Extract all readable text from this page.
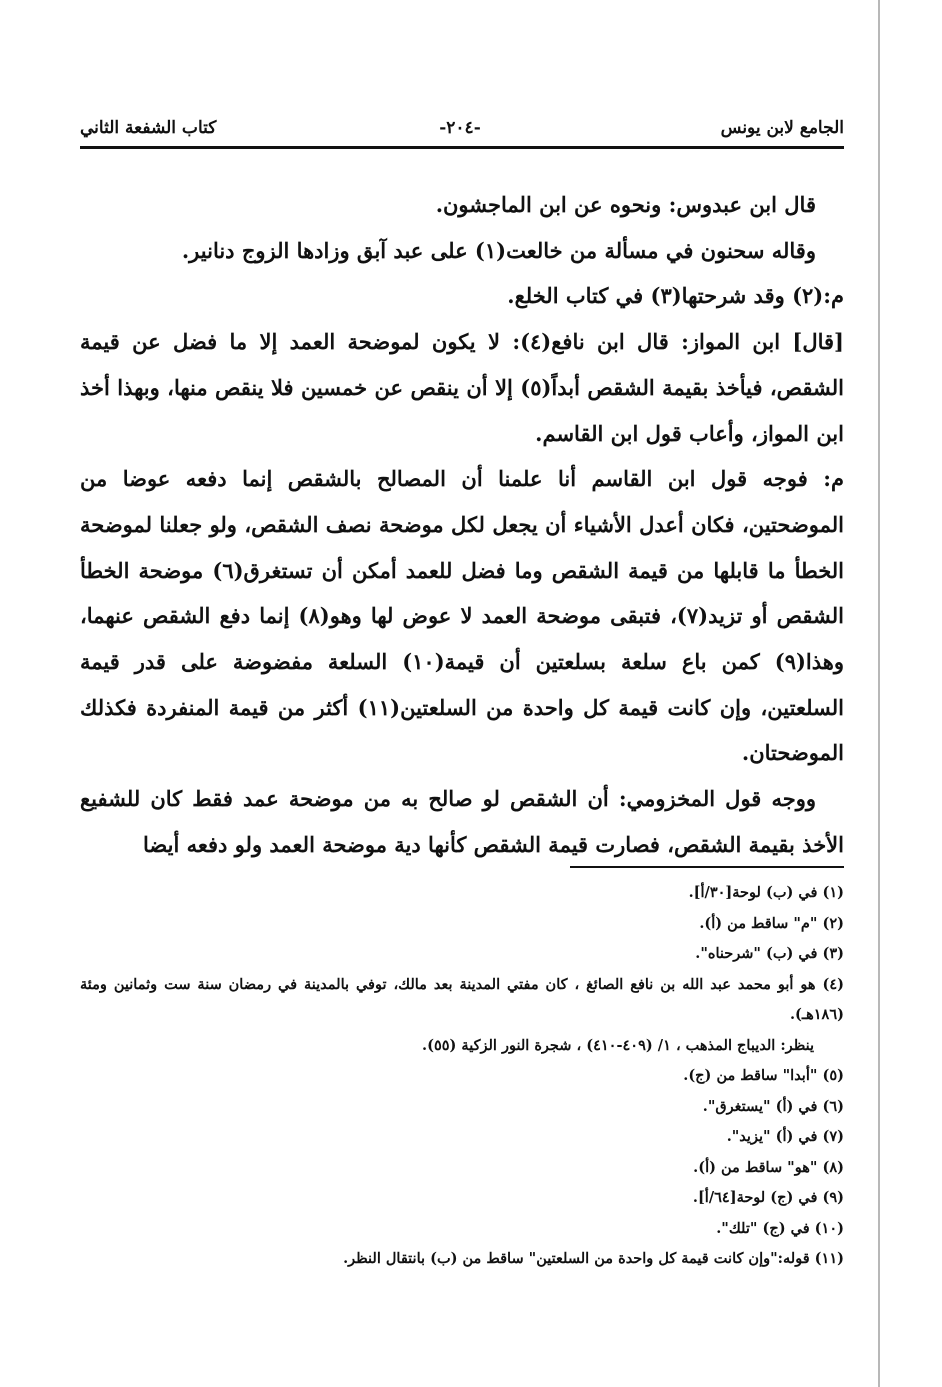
الجامع لابن يونس
-٢٠٤-
كتاب الشفعة الثاني

قال ابن عبدوس: ونحوه عن ابن الماجشون.

وقاله سحنون في مسألة من خالعت(١) على عبد آبق وزادها الزوج دنانير.

م:(٢) وقد شرحتها(٣) في كتاب الخلع.

[قال] ابن المواز: قال ابن نافع(٤): لا يكون لموضحة العمد إلا ما فضل عن قيمة الشقص، فيأخذ بقيمة الشقص أبداً(٥) إلا أن ينقص عن خمسين فلا ينقص منها، وبهذا أخذ ابن المواز، وأعاب قول ابن القاسم.

م: فوجه قول ابن القاسم أنا علمنا أن المصالح بالشقص إنما دفعه عوضا من الموضحتين، فكان أعدل الأشياء أن يجعل لكل موضحة نصف الشقص، ولو جعلنا لموضحة الخطأ ما قابلها من قيمة الشقص وما فضل للعمد أمكن أن تستغرق(٦) موضحة الخطأ الشقص أو تزيد(٧)، فتبقى موضحة العمد لا عوض لها وهو(٨) إنما دفع الشقص عنهما، وهذا(٩) كمن باع سلعة بسلعتين أن قيمة(١٠) السلعة مفضوضة على قدر قيمة السلعتين، وإن كانت قيمة كل واحدة من السلعتين(١١) أكثر من قيمة المنفردة فكذلك الموضحتان.

ووجه قول المخزومي: أن الشقص لو صالح به من موضحة عمد فقط كان للشفيع الأخذ بقيمة الشقص، فصارت قيمة الشقص كأنها دية موضحة العمد ولو دفعه أيضا

(١) في (ب) لوحة[٣٠/أ].

(٢) "م" ساقط من (أ).

(٣) في (ب) "شرحناه".

(٤) هو أبو محمد عبد الله بن نافع الصائغ ، كان مفتي المدينة بعد مالك، توفي بالمدينة في رمضان سنة ست وثمانين ومئة (١٨٦هـ).

ينظر: الديباج المذهب ، ١/ (٤٠٩-٤١٠) ، شجرة النور الزكية (٥٥).

(٥) "أبدا" ساقط من (ج).

(٦) في (أ) "يستغرق".

(٧) في (أ) "يزيد".

(٨) "هو" ساقط من (أ).

(٩) في (ج) لوحة[٦٤/أ].

(١٠) في (ج) "تلك".

(١١) قوله:"وإن كانت قيمة كل واحدة من السلعتين" ساقط من (ب) بانتقال النظر.
